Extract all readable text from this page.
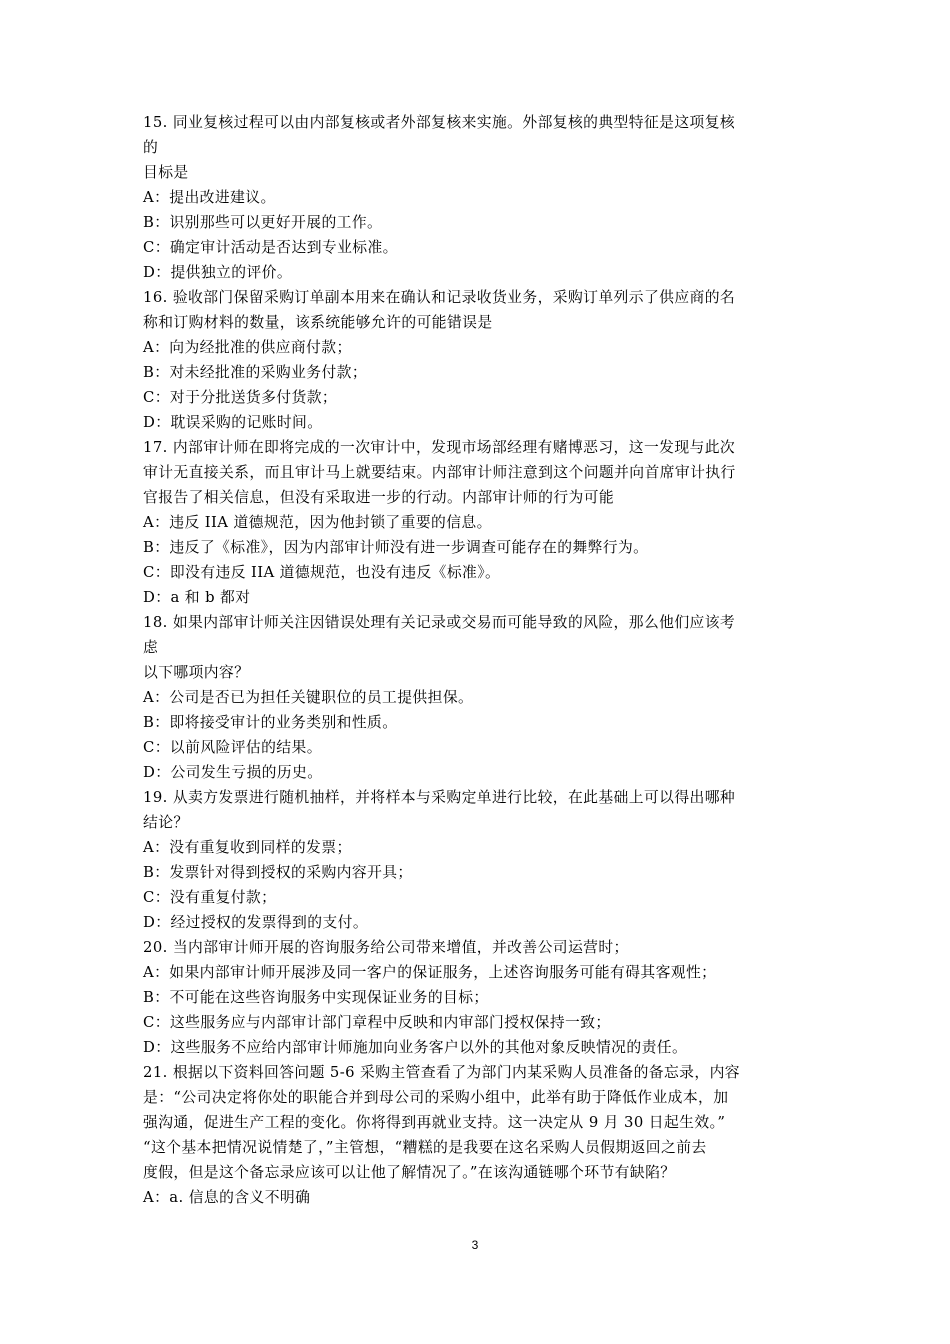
15. 同业复核过程可以由内部复核或者外部复核来实施。外部复核的典型特征是这项复核
的
目标是
A：提出改进建议。
B：识别那些可以更好开展的工作。
C：确定审计活动是否达到专业标准。
D：提供独立的评价。
16. 验收部门保留采购订单副本用来在确认和记录收货业务，采购订单列示了供应商的名
称和订购材料的数量，该系统能够允许的可能错误是
A：向为经批准的供应商付款；
B：对未经批准的采购业务付款；
C：对于分批送货多付货款；
D：耽误采购的记账时间。
17. 内部审计师在即将完成的一次审计中，发现市场部经理有赌博恶习，这一发现与此次
审计无直接关系，而且审计马上就要结束。内部审计师注意到这个问题并向首席审计执行
官报告了相关信息，但没有采取进一步的行动。内部审计师的行为可能
A：违反 IIA 道德规范，因为他封锁了重要的信息。
B：违反了《标准》，因为内部审计师没有进一步调查可能存在的舞弊行为。
C：即没有违反 IIA 道德规范，也没有违反《标准》。
D：a 和 b 都对
18. 如果内部审计师关注因错误处理有关记录或交易而可能导致的风险，那么他们应该考
虑
以下哪项内容？
A：公司是否已为担任关键职位的员工提供担保。
B：即将接受审计的业务类别和性质。
C：以前风险评估的结果。
D：公司发生亏损的历史。
19. 从卖方发票进行随机抽样，并将样本与采购定单进行比较，在此基础上可以得出哪种
结论？
A：没有重复收到同样的发票；
B：发票针对得到授权的采购内容开具；
C：没有重复付款；
D：经过授权的发票得到的支付。
20. 当内部审计师开展的咨询服务给公司带来增值，并改善公司运营时；
A：如果内部审计师开展涉及同一客户的保证服务，上述咨询服务可能有碍其客观性；
B：不可能在这些咨询服务中实现保证业务的目标；
C：这些服务应与内部审计部门章程中反映和内审部门授权保持一致；
D：这些服务不应给内部审计师施加向业务客户以外的其他对象反映情况的责任。
21. 根据以下资料回答问题 5-6 采购主管查看了为部门内某采购人员准备的备忘录，内容
是：“公司决定将你处的职能合并到母公司的采购小组中，此举有助于降低作业成本，加
强沟通，促进生产工程的变化。你将得到再就业支持。这一决定从 9 月 30 日起生效。”
“这个基本把情况说情楚了，”主管想，“糟糕的是我要在这名采购人员假期返回之前去
度假，但是这个备忘录应该可以让他了解情况了。”在该沟通链哪个环节有缺陷？
A：a. 信息的含义不明确
3
